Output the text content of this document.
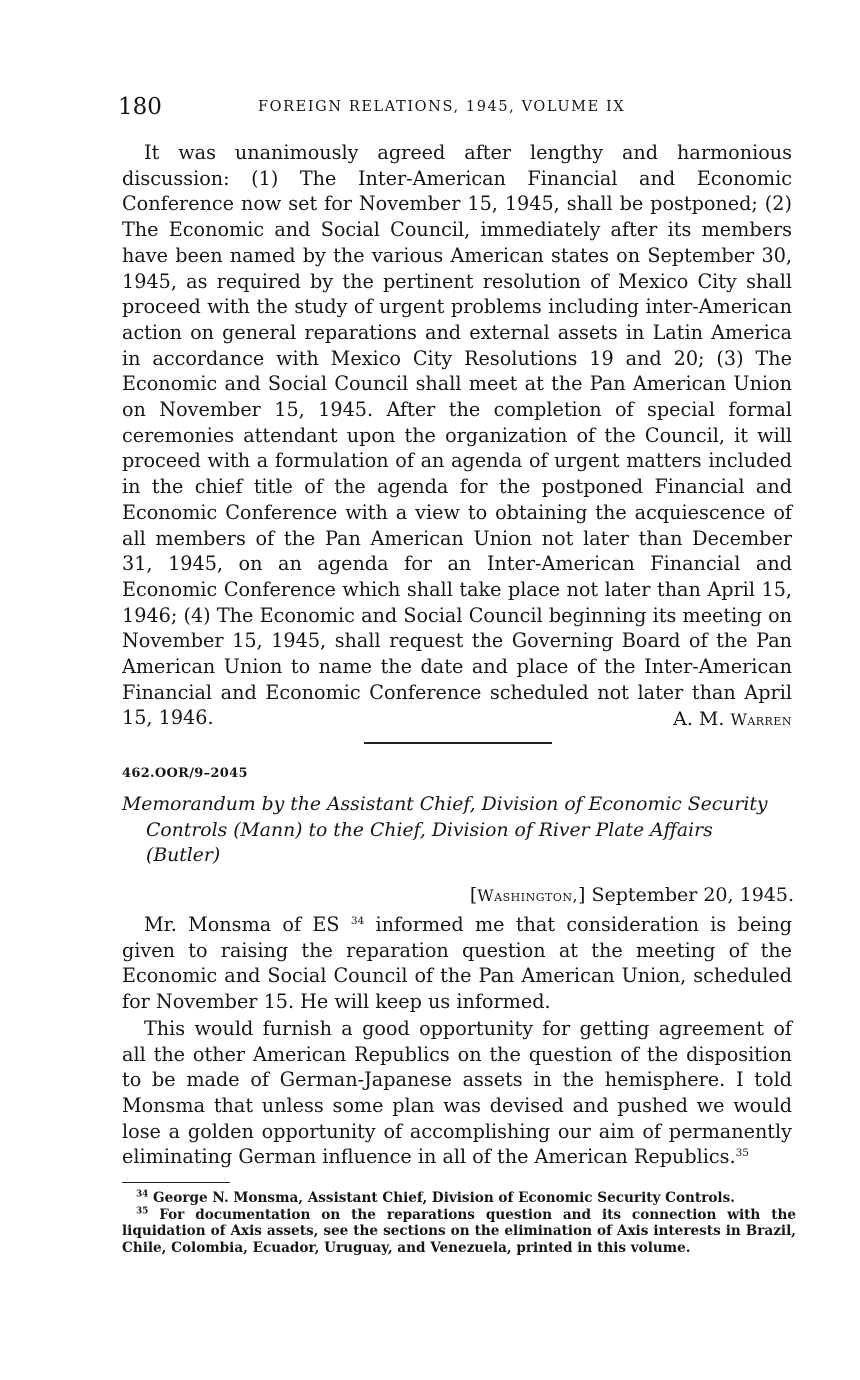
180	FOREIGN RELATIONS, 1945, VOLUME IX

It was unanimously agreed after lengthy and harmonious discussion: (1) The Inter-American Financial and Economic Conference now set for November 15, 1945, shall be postponed; (2) The Economic and Social Council, immediately after its members have been named by the various American states on September 30, 1945, as required by the pertinent resolution of Mexico City shall proceed with the study of urgent problems including inter-American action on general reparations and external assets in Latin America in accordance with Mexico City Resolutions 19 and 20; (3) The Economic and Social Council shall meet at the Pan American Union on November 15, 1945. After the completion of special formal ceremonies attendant upon the organization of the Council, it will proceed with a formulation of an agenda of urgent matters included in the chief title of the agenda for the postponed Financial and Economic Conference with a view to obtaining the acquiescence of all members of the Pan American Union not later than December 31, 1945, on an agenda for an Inter-American Financial and Economic Conference which shall take place not later than April 15, 1946; (4) The Economic and Social Council beginning its meeting on November 15, 1945, shall request the Governing Board of the Pan American Union to name the date and place of the Inter-American Financial and Economic Conference scheduled not later than April 15, 1946.	A. M. Warren
462.OOR/9–2045
Memorandum by the Assistant Chief, Division of Economic Security
Controls (Mann) to the Chief, Division of River Plate Affairs
(Butler)
[Washington,] September 20, 1945.

Mr. Monsma of ES $^{34}$ informed me that consideration is being given to raising the reparation question at the meeting of the Economic and Social Council of the Pan American Union, scheduled for November 15. He will keep us informed.

This would furnish a good opportunity for getting agreement of all the other American Republics on the question of the disposition to be made of German-Japanese assets in the hemisphere. I told Monsma that unless some plan was devised and pushed we would lose a golden opportunity of accomplishing our aim of permanently eliminating German influence in all of the American Republics.$^{35}$

$^{34}$ George N. Monsma, Assistant Chief, Division of Economic Security Controls.

$^{35}$ For documentation on the reparations question and its connection with the liquidation of Axis assets, see the sections on the elimination of Axis interests in Brazil, Chile, Colombia, Ecuador, Uruguay, and Venezuela, printed in this volume.
